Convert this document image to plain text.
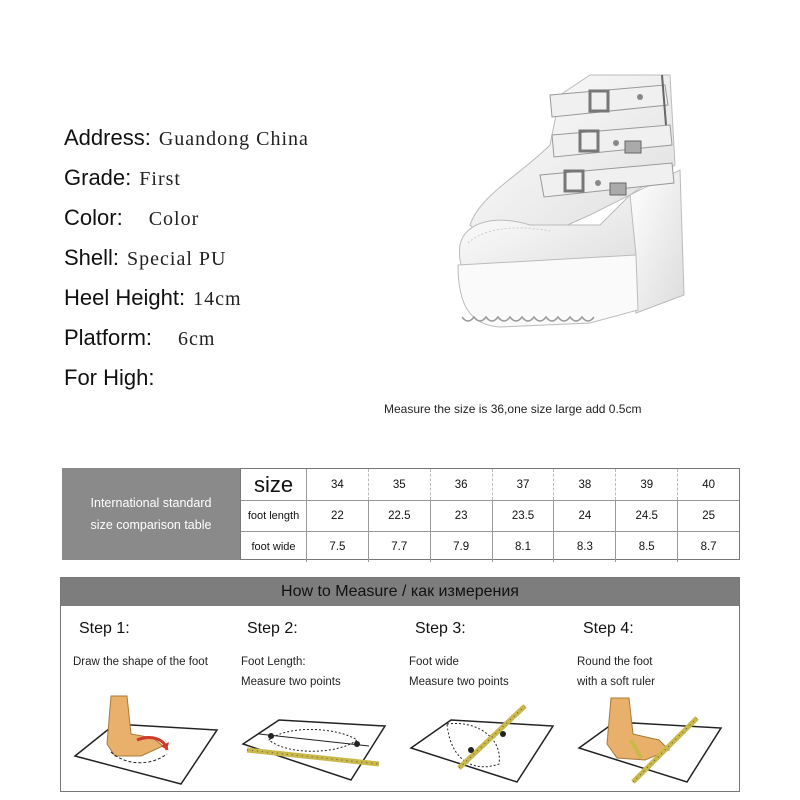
Address: Guandong China
Grade: First
Color: Color
Shell: Special PU
Heel Height: 14cm
Platform: 6cm
For High:
Measure the size is 36,one size large add 0.5cm
International standard
size comparison table
size	34	35	36	37	38	39	40
foot length	22	22.5	23	23.5	24	24.5	25
foot wide	7.5	7.7	7.9	8.1	8.3	8.5	8.7
How to Measure / как измерения
Step 1:
Draw the shape of the foot
Step 2:
Foot Length:
Measure two points
Step 3:
Foot wide
Measure two points
Step 4:
Round the foot
with a soft ruler
